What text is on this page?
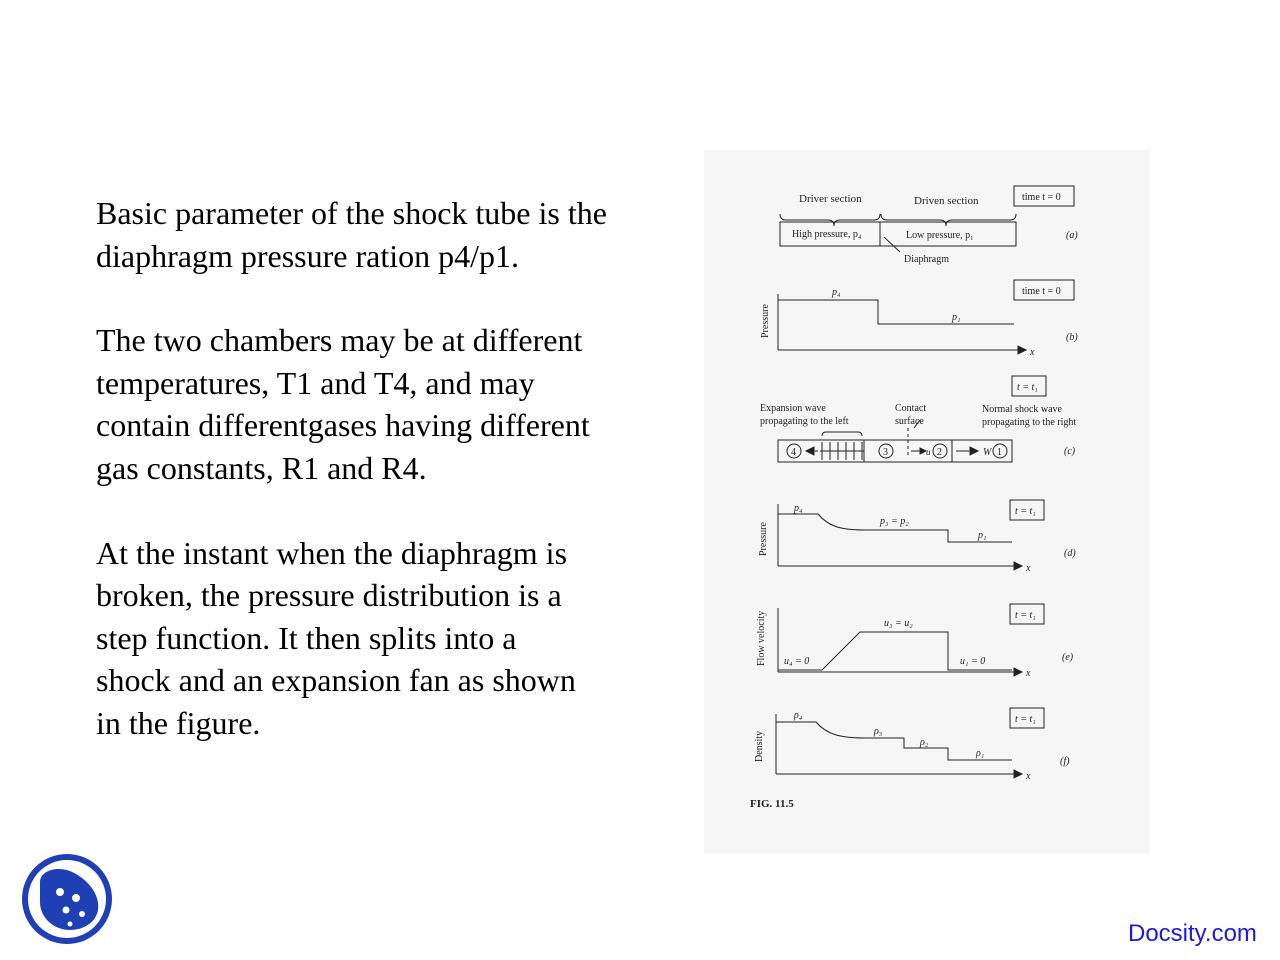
Basic parameter of the shock tube is the
diaphragm pressure ration p4/p1.

The two chambers may be at different
temperatures, T1 and T4, and may
contain differentgases having different
gas constants, R1 and R4.

At the instant when the diaphragm is
broken, the pressure distribution is a
step function. It then splits into a
shock and an expansion fan as shown
in the figure.

Driver section	Driven section
High pressure, p₄	Low pressure, p₁
Diaphragm
time t = 0
(a)
Pressure
p₄
p₁
x
time t = 0
(b)
Expansion wave
propagating to the left
Contact
surface
Normal shock wave
propagating to the right
4	3	2	1
u	W
t = t₁
(c)
Pressure
p₄
p₃ = p₂
p₁
x
t = t₁
(d)
Flow velocity u₄ = 0
u₃ = u₂
u₁ = 0
x
t = t₁
(e)
Density
ρ₄
ρ₃
ρ₂
ρ₁
x
t = t₁
(f)
FIG. 11.5
Docsity.com
